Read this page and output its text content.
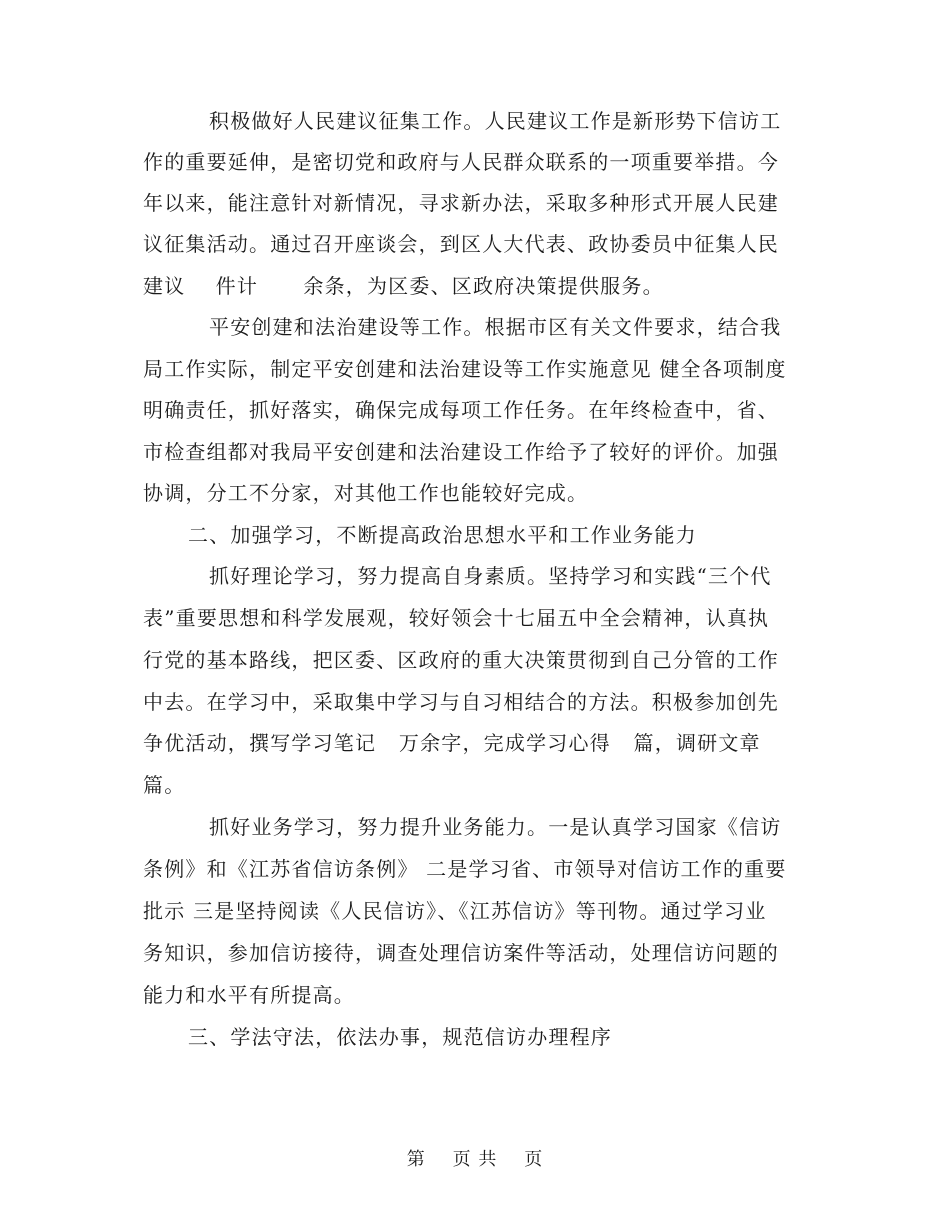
积极做好人民建议征集工作。人民建议工作是新形势下信访工
作的重要延伸，是密切党和政府与人民群众联系的一项重要举措。今
年以来，能注意针对新情况，寻求新办法，采取多种形式开展人民建
议征集活动。通过召开座谈会，到区人大代表、政协委员中征集人民
建议    件计      余条，为区委、区政府决策提供服务。
平安创建和法治建设等工作。根据市区有关文件要求，结合我
局工作实际，制定平安创建和法治建设等工作实施意见 健全各项制度
明确责任，抓好落实，确保完成每项工作任务。在年终检查中，省、
市检查组都对我局平安创建和法治建设工作给予了较好的评价。加强
协调，分工不分家，对其他工作也能较好完成。
二、加强学习，不断提高政治思想水平和工作业务能力
抓好理论学习，努力提高自身素质。坚持学习和实践“三个代
表”重要思想和科学发展观，较好领会十七届五中全会精神，认真执
行党的基本路线，把区委、区政府的重大决策贯彻到自己分管的工作
中去。在学习中，采取集中学习与自习相结合的方法。积极参加创先
争优活动，撰写学习笔记   万余字，完成学习心得   篇，调研文章
篇。
抓好业务学习，努力提升业务能力。一是认真学习国家《信访
条例》和《江苏省信访条例》 二是学习省、市领导对信访工作的重要
批示 三是坚持阅读《人民信访》、《江苏信访》等刊物。通过学习业
务知识，参加信访接待，调查处理信访案件等活动，处理信访问题的
能力和水平有所提高。
三、学法守法，依法办事，规范信访办理程序
第    页 共    页
